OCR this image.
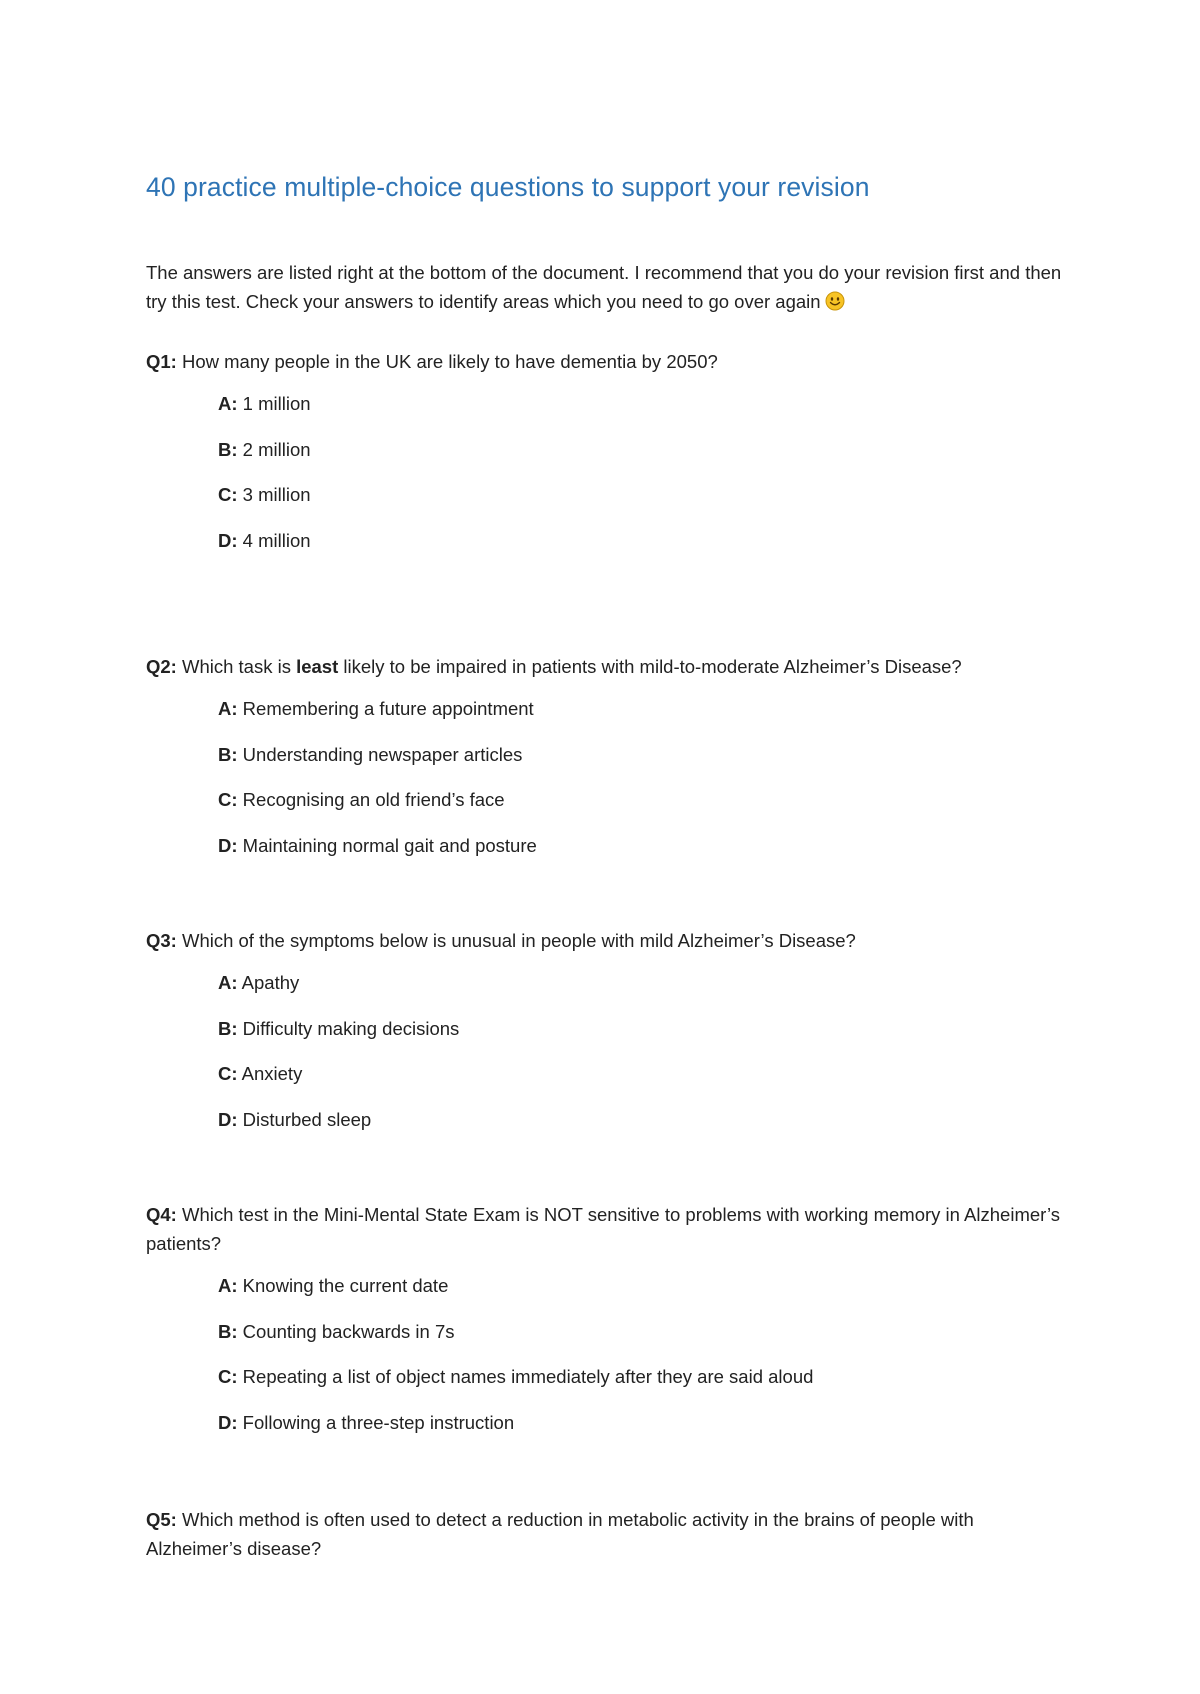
40 practice multiple-choice questions to support your revision

The answers are listed right at the bottom of the document. I recommend that you do your revision first and then try this test. Check your answers to identify areas which you need to go over again

Q1: How many people in the UK are likely to have dementia by 2050?

A: 1 million
B: 2 million
C: 3 million
D: 4 million

Q2: Which task is least likely to be impaired in patients with mild-to-moderate Alzheimer’s Disease?

A: Remembering a future appointment
B: Understanding newspaper articles
C: Recognising an old friend’s face
D: Maintaining normal gait and posture

Q3: Which of the symptoms below is unusual in people with mild Alzheimer’s Disease?

A: Apathy
B: Difficulty making decisions
C: Anxiety
D: Disturbed sleep

Q4: Which test in the Mini-Mental State Exam is NOT sensitive to problems with working memory in Alzheimer’s patients?

A: Knowing the current date
B: Counting backwards in 7s
C: Repeating a list of object names immediately after they are said aloud
D: Following a three-step instruction

Q5: Which method is often used to detect a reduction in metabolic activity in the brains of people with Alzheimer’s disease?
